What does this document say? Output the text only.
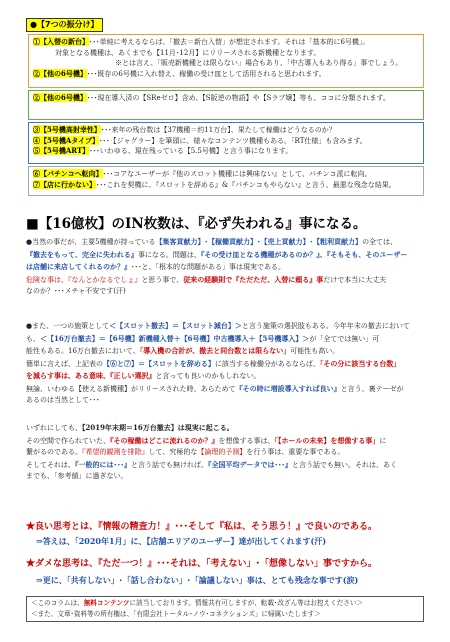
●【7つの振分け】
①【入替の新台】･･･単純に考えるならば、「撤去＝新台入替」が想定されます。それは「基本的に6号機」。
対象となる機種は、あくまでも【11月･12月】にリリースされる新機種となります。
※とは言え、「販売新機種とは限らない」場合もあり、「中古導入もあり得る」事でしょう。
②【他の6号機】･･･既存の6号機に入れ替え、稼働の受け皿として活用されると思われます。
②【他の6号機】･･･現在導入済の【SReゼロ】含め、【S阪逆の物語】や【Sラブ嬢】等も、ココに分類されます。
③【5号機高射幸性】･･･来年の残台数は【37機種＝約11万台】、果たして稼働はどうなるのか？
④【5号機Aタイプ】･･･【ジャグラー】を筆頭に、様々なコンテンツ機種もある。「RT仕様」も含みます。
⑤【5号機ART】･･･いわゆる、現在残っている【5.5号機】と言う事になります。
⑥【パチンコへ転向】･･･コアなユーザーが『他のスロット機種には興味ない』として、パチンコ派に転向。
⑦【店に行かない】･･･これを契機に、『スロットを辞める』&『パチンコもやらない』と言う、最悪な残念な結果。
■【16億枚】のIN枚数は、『必ず失われる』事になる。
●当然の事だが、主要5機種が持っている【集客貢献力】･【稼働貢献力】･【売上貢献力】･【粗利貢献力】の全ては、
『撤去をもって、完全に失われる』事になる。問題は、『その受け皿となる機種があるのか？』、『そもそも、そのユーザー
は店舗に来店してくれるのか？』･･･と、「根本的な問題がある」事は現実である。
危険な事は、『なんとかなるでしょ』と思う事で、従来の経験則で『ただただ、入替に頼る』事だけで本当に大丈夫
なのか？･･･メチャ不安です(汗)
●また、一つの施策として＜【スロット撤去】＝【スロット減台】＞と言う施策の選択肢もある。今年年末の撤去において
も、＜【16万台撤去】＝【6号機】新機種入替＋【6号機】中古機導入＋【5号機導入】＞が「全てでは無い」可
能性もある。16万台撤去において、「導入機の合計が、撤去と同台数とは限らない」可能性も高い。
簡単に言えば、上記表の【⑥と⑦】＝【スロットを辞める】に該当する稼働分があるならば、「その分に該当する台数」
を減らす事は、ある意味、『正しい選択』と言っても良いのかもしれない。
無論、いわゆる【使える新機種】がリリースされた時、あらためて『その時に増設導入すれば良い』と言う、裏テーゼが
あるのは当然として･･･
いずれにしても、【2019年末期＝16万台撤去】は現実に起こる。
その空間で作られていた、『その稼働はどこに流れるのか？』を想像する事は、「【ホールの未来】を想像する事」に
繋がるのである。『希望的観測を排除』して、究極的な【論理的予測】を行う事は、重要な事である。
そしてそれは、『一般的には･･･』と言う話でも無ければ、『全国平均データでは･･･』と言う話でも無い。それは、あく
までも、「参考値」に過ぎない。
★良い思考とは、『情報の精査力！』･･･そして『私は、そう思う！』で良いのである。
⇒答えは、「2020年1月」に、【店舗エリアのユーザー】達が出してくれます(汗)
★ダメな思考は、『ただ一つ！』･･･それは、「考えない」･「想像しない」事ですから。
⇒更に、「共有しない」･「話し合わない」･「論議しない」事は、とても残念な事です(涙)
＜このコラムは、無料コンテンツに該当しております。情報共有可しますが、転載･改ざん等はお控えください＞
＜また、文章･資料等の所有権は、「有限会社トータル･ノウ･コネクションズ」に帰属いたします＞
